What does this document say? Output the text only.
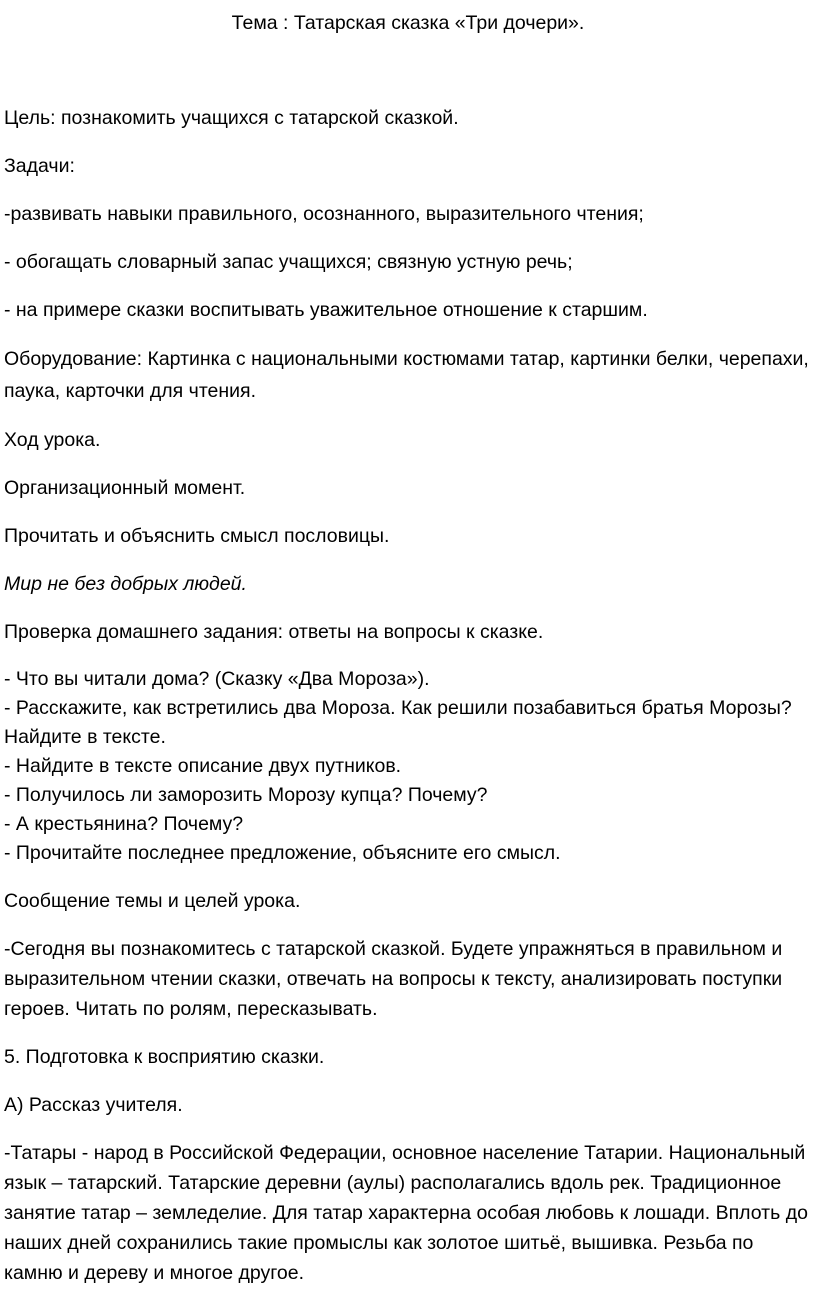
Тема : Татарская сказка «Три дочери».

Цель: познакомить учащихся с татарской сказкой.

Задачи:

-развивать навыки правильного, осознанного, выразительного чтения;

- обогащать словарный запас учащихся; связную устную речь;

- на примере сказки воспитывать уважительное отношение к старшим.

Оборудование: Картинка с национальными костюмами татар, картинки белки, черепахи, паука, карточки для чтения.

Ход урока.

Организационный момент.

Прочитать и объяснить смысл пословицы.

Мир не без добрых людей.

Проверка домашнего задания: ответы на вопросы к сказке.

- Что вы читали дома? (Сказку «Два Мороза»).

- Расскажите, как встретились два Мороза. Как решили позабавиться братья Морозы? Найдите в тексте.

- Найдите в тексте описание двух путников.

- Получилось ли заморозить Морозу купца? Почему?

- А крестьянина? Почему?

- Прочитайте последнее предложение, объясните его смысл.

Сообщение темы и целей урока.

-Сегодня вы познакомитесь с татарской сказкой. Будете упражняться в правильном и выразительном чтении сказки, отвечать на вопросы к тексту, анализировать поступки героев. Читать по ролям, пересказывать.

5. Подготовка к восприятию сказки.

А) Рассказ учителя.

-Татары - народ в Российской Федерации, основное население Татарии. Национальный язык – татарский. Татарские деревни (аулы) располагались вдоль рек. Традиционное занятие татар – земледелие. Для татар характерна особая любовь к лошади. Вплоть до наших дней сохранились такие промыслы как золотое шитьё, вышивка. Резьба по камню и дереву и многое другое.
